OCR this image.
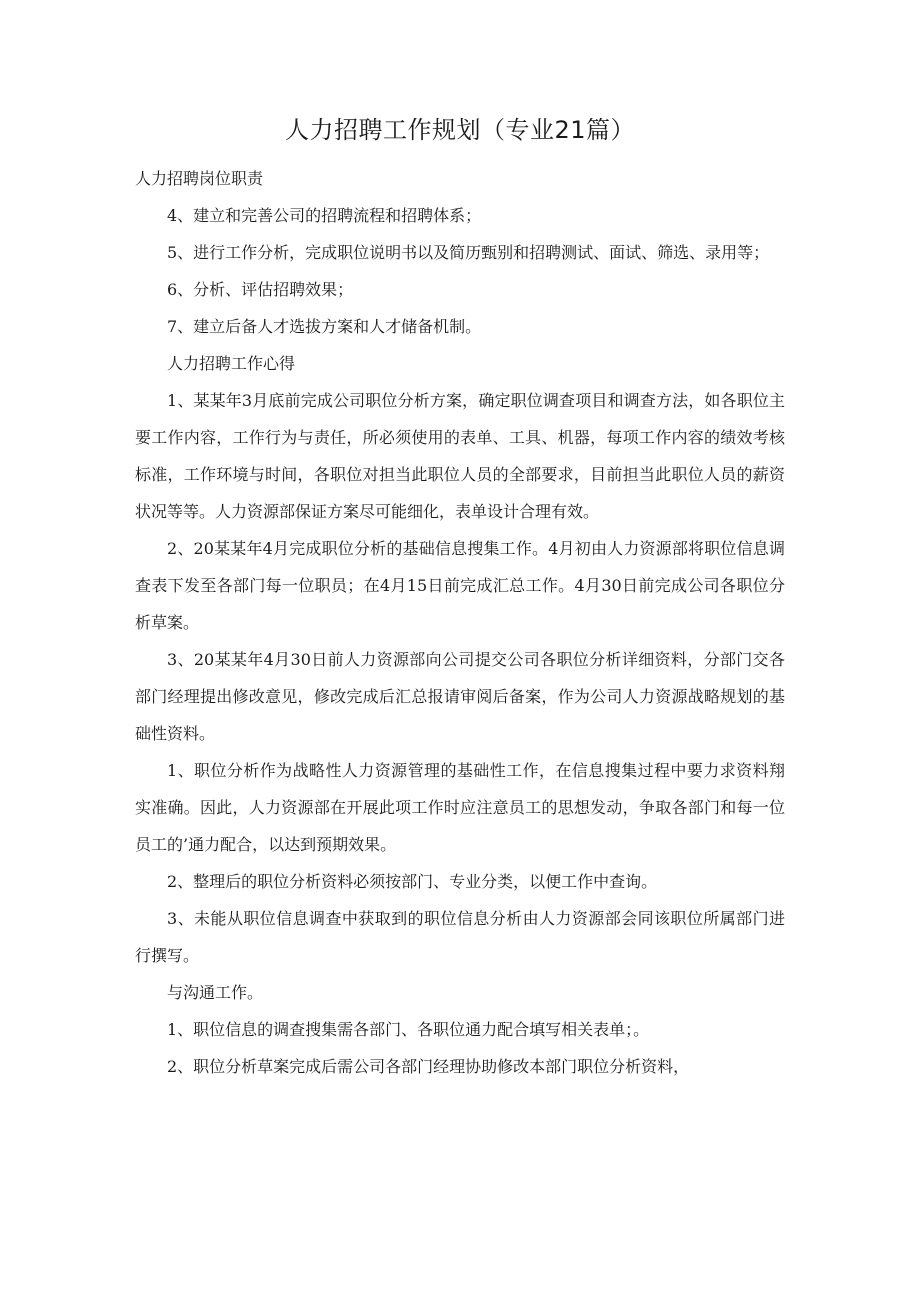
人力招聘工作规划（专业21篇）

人力招聘岗位职责

4、建立和完善公司的招聘流程和招聘体系；

5、进行工作分析，完成职位说明书以及简历甄别和招聘测试、面试、筛选、录用等；

6、分析、评估招聘效果；

7、建立后备人才选拔方案和人才储备机制。

人力招聘工作心得

1、某某年3月底前完成公司职位分析方案，确定职位调查项目和调查方法，如各职位主要工作内容，工作行为与责任，所必须使用的表单、工具、机器，每项工作内容的绩效考核标准，工作环境与时间，各职位对担当此职位人员的全部要求，目前担当此职位人员的薪资状况等等。人力资源部保证方案尽可能细化，表单设计合理有效。

2、20某某年4月完成职位分析的基础信息搜集工作。4月初由人力资源部将职位信息调查表下发至各部门每一位职员；在4月15日前完成汇总工作。4月30日前完成公司各职位分析草案。

3、20某某年4月30日前人力资源部向公司提交公司各职位分析详细资料，分部门交各部门经理提出修改意见，修改完成后汇总报请审阅后备案，作为公司人力资源战略规划的基础性资料。

1、职位分析作为战略性人力资源管理的基础性工作，在信息搜集过程中要力求资料翔实准确。因此，人力资源部在开展此项工作时应注意员工的思想发动，争取各部门和每一位员工的’通力配合，以达到预期效果。

2、整理后的职位分析资料必须按部门、专业分类，以便工作中查询。

3、未能从职位信息调查中获取到的职位信息分析由人力资源部会同该职位所属部门进行撰写。

与沟通工作。

1、职位信息的调查搜集需各部门、各职位通力配合填写相关表单；。

2、职位分析草案完成后需公司各部门经理协助修改本部门职位分析资料，
